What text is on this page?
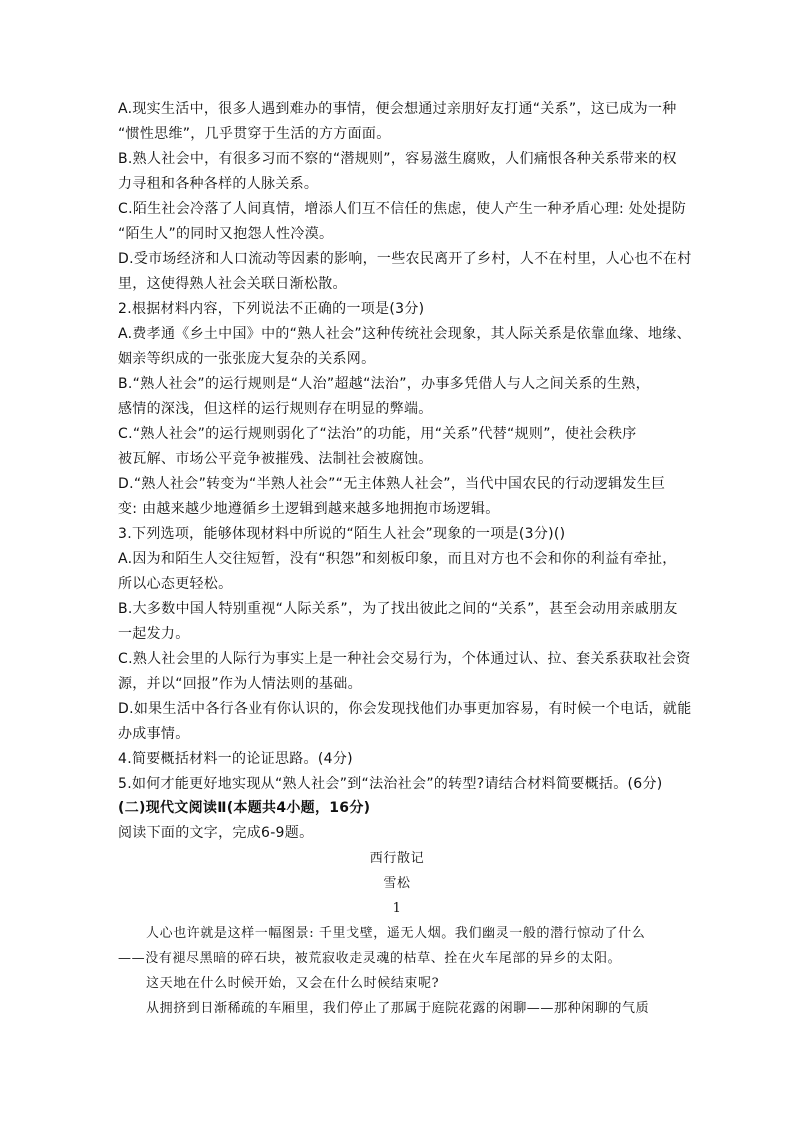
A.现实生活中，很多人遇到难办的事情，便会想通过亲朋好友打通“关系”，这已成为一种
“惯性思维”，几乎贯穿于生活的方方面面。
B.熟人社会中，有很多习而不察的“潜规则”，容易滋生腐败，人们痛恨各种关系带来的权
力寻租和各种各样的人脉关系。
C.陌生社会冷落了人间真情，增添人们互不信任的焦虑，使人产生一种矛盾心理: 处处提防
“陌生人”的同时又抱怨人性冷漠。
D.受市场经济和人口流动等因素的影响，一些农民离开了乡村，人不在村里，人心也不在村
里，这使得熟人社会关联日渐松散。
2.根据材料内容，下列说法不正确的一项是(3分)
A.费孝通《乡土中国》中的“熟人社会”这种传统社会现象，其人际关系是依靠血缘、地缘、
姻亲等织成的一张张庞大复杂的关系网。
B.“熟人社会”的运行规则是“人治”超越“法治”，办事多凭借人与人之间关系的生熟，
感情的深浅，但这样的运行规则存在明显的弊端。
C.“熟人社会”的运行规则弱化了“法治”的功能，用“关系”代替“规则”，使社会秩序
被瓦解、市场公平竞争被摧残、法制社会被腐蚀。
D.“熟人社会”转变为“半熟人社会”“无主体熟人社会”，当代中国农民的行动逻辑发生巨
变: 由越来越少地遵循乡土逻辑到越来越多地拥抱市场逻辑。
3.下列选项，能够体现材料中所说的“陌生人社会”现象的一项是(3分)()
A.因为和陌生人交往短暂，没有“积怨”和刻板印象，而且对方也不会和你的利益有牵扯，
所以心态更轻松。
B.大多数中国人特别重视“人际关系”，为了找出彼此之间的“关系”，甚至会动用亲戚朋友
一起发力。
C.熟人社会里的人际行为事实上是一种社会交易行为，个体通过认、拉、套关系获取社会资
源，并以“回报”作为人情法则的基础。
D.如果生活中各行各业有你认识的，你会发现找他们办事更加容易，有时候一个电话，就能
办成事情。
4.简要概括材料一的论证思路。(4分)
5.如何才能更好地实现从“熟人社会”到“法治社会”的转型?请结合材料简要概括。(6分)
(二)现代文阅读Ⅱ(本题共4小题，16分)
阅读下面的文字，完成6-9题。
西行散记
雪松
1
人心也许就是这样一幅图景: 千里戈壁，遥无人烟。我们幽灵一般的潜行惊动了什么
——没有褪尽黑暗的碎石块，被荒寂收走灵魂的枯草、拴在火车尾部的异乡的太阳。
这天地在什么时候开始，又会在什么时候结束呢?
从拥挤到日渐稀疏的车厢里，我们停止了那属于庭院花露的闲聊——那种闲聊的气质
